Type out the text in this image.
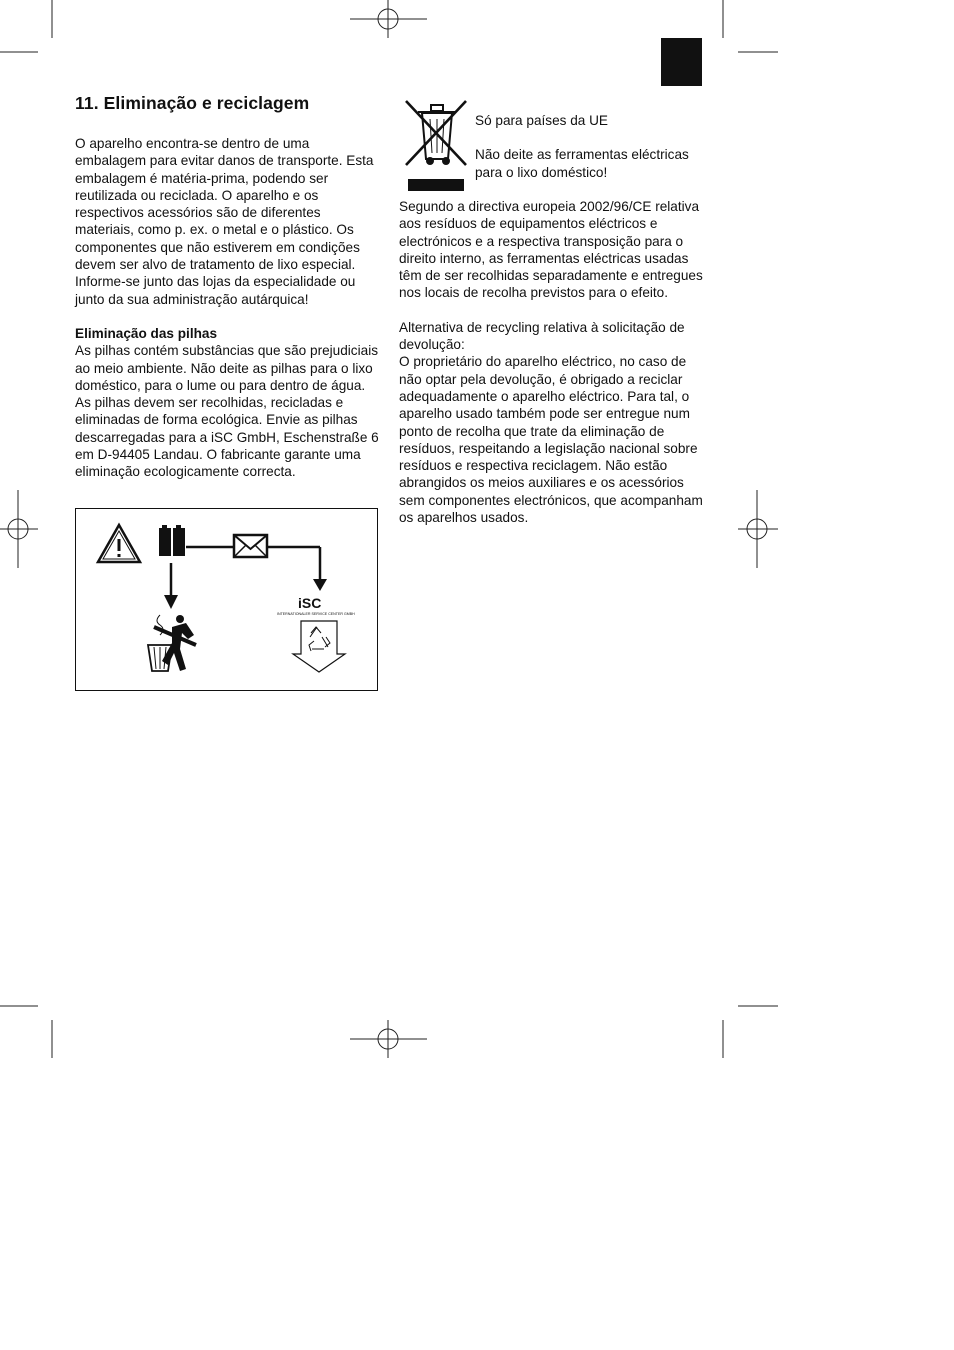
11. Eliminação e reciclagem

O aparelho encontra-se dentro de uma embalagem para evitar danos de transporte. Esta embalagem é matéria-prima, podendo ser reutilizada ou reciclada. O aparelho e os respectivos acessórios são de diferentes materiais, como p. ex. o metal e o plástico. Os componentes que não estiverem em condições devem ser alvo de tratamento de lixo especial. Informe-se junto das lojas da especialidade ou junto da sua administração autárquica!

Eliminação das pilhas

As pilhas contém substâncias que são prejudiciais ao meio ambiente. Não deite as pilhas para o lixo doméstico, para o lume ou para dentro de água. As pilhas devem ser recolhidas, recicladas e eliminadas de forma ecológica. Envie as pilhas descarregadas para a iSC GmbH, Eschenstraße 6 em D-94405 Landau. O fabricante garante uma eliminação ecologicamente correcta.

iSC
INTERNATIONALER SERVICE CENTER GMBH

Só para países da UE

Não deite as ferramentas eléctricas para o lixo doméstico!

Segundo a directiva europeia 2002/96/CE relativa aos resíduos de equipamentos eléctricos e electrónicos e a respectiva transposição para o direito interno, as ferramentas eléctricas usadas têm de ser recolhidas separadamente e entregues nos locais de recolha previstos para o efeito.

Alternativa de recycling relativa à solicitação de devolução:

O proprietário do aparelho eléctrico, no caso de não optar pela devolução, é obrigado a reciclar adequadamente o aparelho eléctrico. Para tal, o aparelho usado também pode ser entregue num ponto de recolha que trate da eliminação de resíduos, respeitando a legislação nacional sobre resíduos e respectiva reciclagem. Não estão abrangidos os meios auxiliares e os acessórios sem componentes electrónicos, que acompanham os aparelhos usados.
